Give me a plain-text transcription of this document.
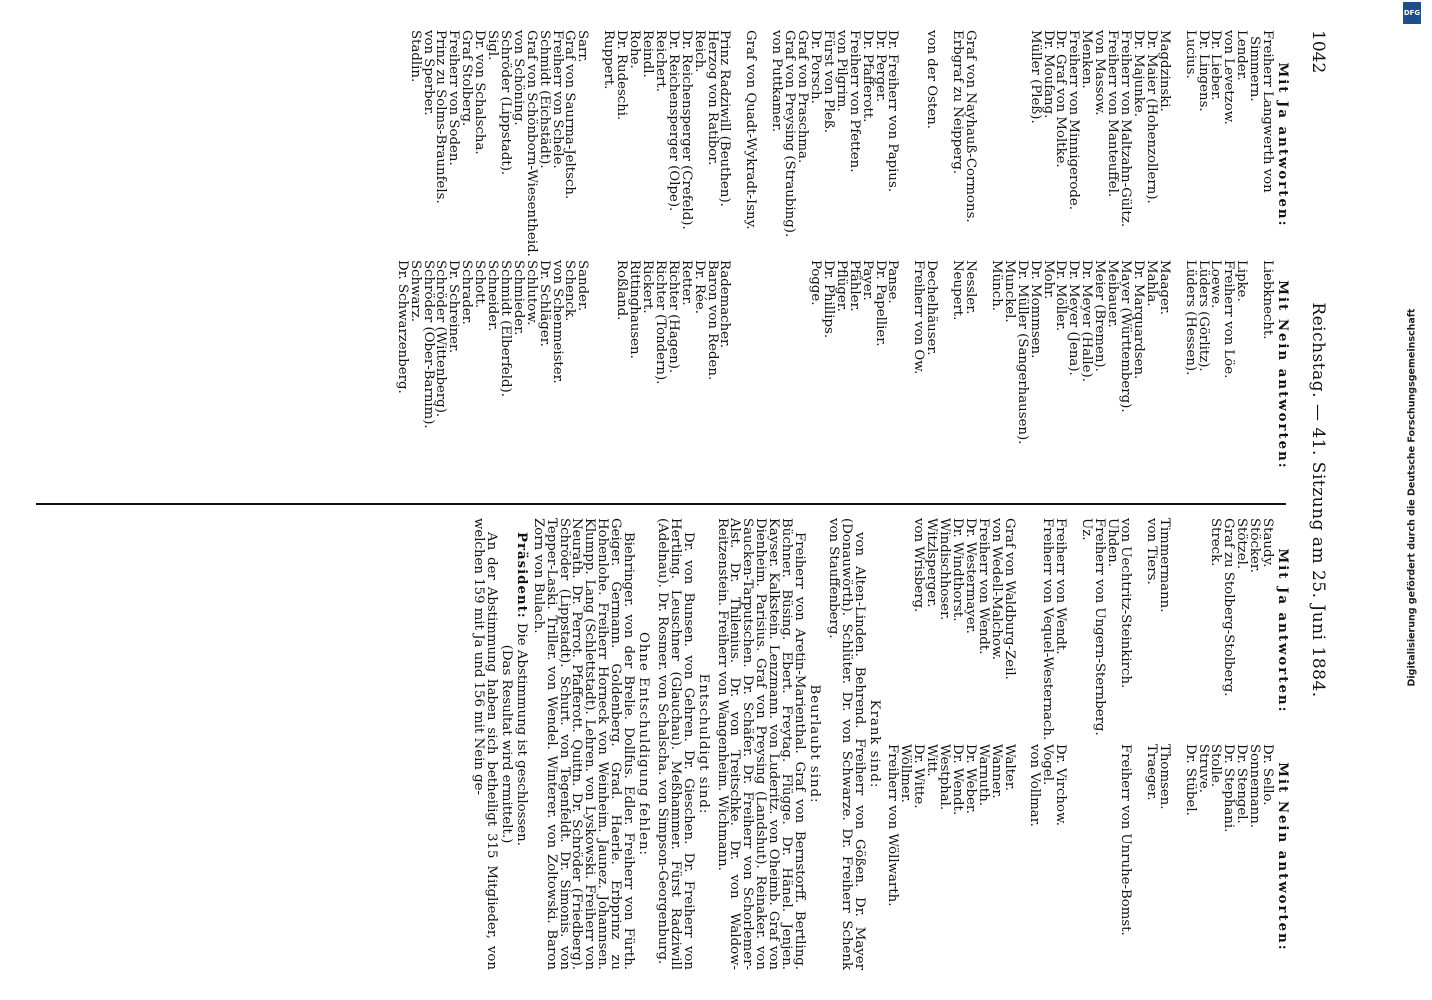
Reichstag. — 41. Sitzung am 25. Juni 1884.
1042
Mit Ja antworten:
Mit Nein antworten:
Freiherr Langwerth von Simmern.
Liebknecht.
Lender.
Lipke.
von Levetzow.
Freiherr von Löe.
Dr. Lieber.
Loewe.
Dr. Lingens.
Lüders (Görlitz).
Lucius.
Lüders (Hessen).
Magdzinski.
Maager.
Dr. Maier (Hohenzollern).
Mahla.
Dr. Majunke.
Dr. Marquardsen.
Freiherr von Maltzahn-Gültz.
Mayer (Württemberg).
Freiherr von Manteuffel.
Meibauer.
von Massow.
Meier (Bremen).
Menken.
Dr. Meyer (Halle).
Freiherr von Minnigerode.
Dr. Meyer (Jena).
Dr. Graf von Moltke.
Dr. Möller.
Dr. Moufang.
Mohr.
Müller (Pleß).
Dr. Mommsen.
Dr. Müller (Sangerhausen).
Munckel.
Münch.
Graf von Nayhauß-Cormons.
Nessler.
Erbgraf zu Neipperg.
Neupert.
von der Osten.
Dechelhäuser.
Freiherr von Ow.
Dr. Freiherr von Papius.
Panse.
Dr. Perger.
Dr. Papellier.
Dr. Pfafferott.
Payer.
Freiherr von Pfetten.
Pfähler.
von Pilgrim.
Pflüger.
Fürst von Pleß.
Dr. Phillips.
Dr. Porsch.
Pogge.
Graf von Praschma.
Graf von Preysing (Straubing).
von Puttkamer.
Graf von Quadt-Wykradt-Isny.
Prinz Radziwill (Beuthen).
Rademacher.
Herzog von Ratibor.
Baron von Reden.
Reich.
Dr. Rée.
Dr. Reichensperger (Crefeld).
Retter.
Dr. Reichensperger (Olpe).
Richter (Hagen).
Reichert.
Richter (Tondern).
Reindl.
Rickert.
Rohe.
Rittinghausen.
Dr. Rudeschi.
Roßland.
Ruppert.
Sarr.
Sander.
Graf von Saurma-Jeltsch.
Schenck.
Freiherr von Schele.
von Schenmeister.
Schmidt (Eichstädt).
Dr. Schläger.
Graf von Schönborn-Wiesentheid.
Schlutow.
von Schöning.
Schmieder.
Schröder (Lippstadt).
Schmidt (Elberfeld).
Sigl.
Schneider.
Dr. von Schalscha.
Schott.
Graf Stolberg.
Schrader.
Freiherr von Soden.
Dr. Schreiner.
Prinz zu Solms-Braunfels.
Schröder (Wittenberg).
von Sperber.
Schröder (Ober-Barnim).
Stadlin.
Schwarz.
Dr. Schwarzenberg.
Mit Ja antworten:
Mit Nein antworten:
Staudy.
Dr. Sello.
Stöcker.
Sonnemann.
Stötzel.
Dr. Stengel.
Graf zu Stolberg-Stolberg.
Dr. Stephani.
Streck.
Stolle.
Struve.
Dr. Stübel.
Timmermann.
Thomsen.
von Tiers.
Traeger.
von Uechtritz-Steinkirch.
Freiherr von Unruhe-Bomst.
Uhden.
Freiherr von Ungern-Sternberg.
Uz.
Freiherr von Wendt.
Dr. Virchow.
Freiherr von Vequel-Westernach.
Vogel.
von Vollmar.
Graf von Waldburg-Zeil.
Walter.
von Wedell-Malchow.
Wanner.
Freiherr von Wendt.
Warnuth.
Dr. Westermayer.
Dr. Weber.
Dr. Windthorst.
Dr. Wendt.
Windischhoser.
Westphal.
Witzlsperger.
Witt.
von Wrisberg.
Dr. Witte.
Wöllmer.
Freiherr von Wöllwarth.
Krank sind:

von Alten-Linden. Behrend. Freiherr von Gößen. Dr. Mayer (Donauwörth). Schlüter. Dr. von Schwarze. Dr. Freiherr Schenk von Stauffenberg.

Beurlaubt sind:

Freiherr von Aretin-Marienthal. Graf von Bernstorff. Bertling. Büchner. Büsing. Ebert. Freytag. Flügge. Dr. Hänel. Jenjen. Kayser. Kalkstein. Lenzmann. von Luderitz. von Oheimb. Graf von Dienheim. Parisius. Graf von Preysing (Landshut). Reinaker. von Saucken-Tarputschen. Dr. Schäfer. Dr. Freiherr von Schorlemer-Alst. Dr. Thilenius. Dr. von Treitschke. Dr. von Waldow-Reitzenstein. Freiherr von Wangenheim. Wichmann.

Entschuldigt sind:

Dr. von Bunsen. von Gehren. Dr. Gieschen. Dr. Freiherr von Hertling. Leuschner (Glauchau). Meßhammer. Fürst Radziwill (Adelnau). Dr. Rosmer. von Schalscha. von Simpson-Georgenburg.

Ohne Entschuldigung fehlen:

Biehringer. von der Brelie. Dollfus. Edler. Freiherr von Fürth. Geiger. Germann. Goldenberg. Grad. Haerle. Erbprinz zu Hohenlohe. Freiherr Horneck von Weinheim. Jaunez. Johannsen. Klumpp. Lang (Schlettstadt). Lehren. von Lyskowski. Freiherr von Neurath. Dr. Perrot. Pfafferott. Quittn. Dr. Schröder (Friedberg). Schröder (Lippstadt). Schurt. von Tegenfeldt. Dr. Simonis. von Tepper-Laski. Triller. von Wendel. Winterer. von Zoltowski. Baron Zorn von Bulach.

Präsident: Die Abstimmung ist geschlossen.

(Das Resultat wird ermittelt.)

An der Abstimmung haben sich betheiligt 315 Mitglieder, von welchen 159 mit Ja und 156 mit Nein ge-	Digitalisierung gefördert durch die Deutsche Forschungsgemeinschaft
DFG
